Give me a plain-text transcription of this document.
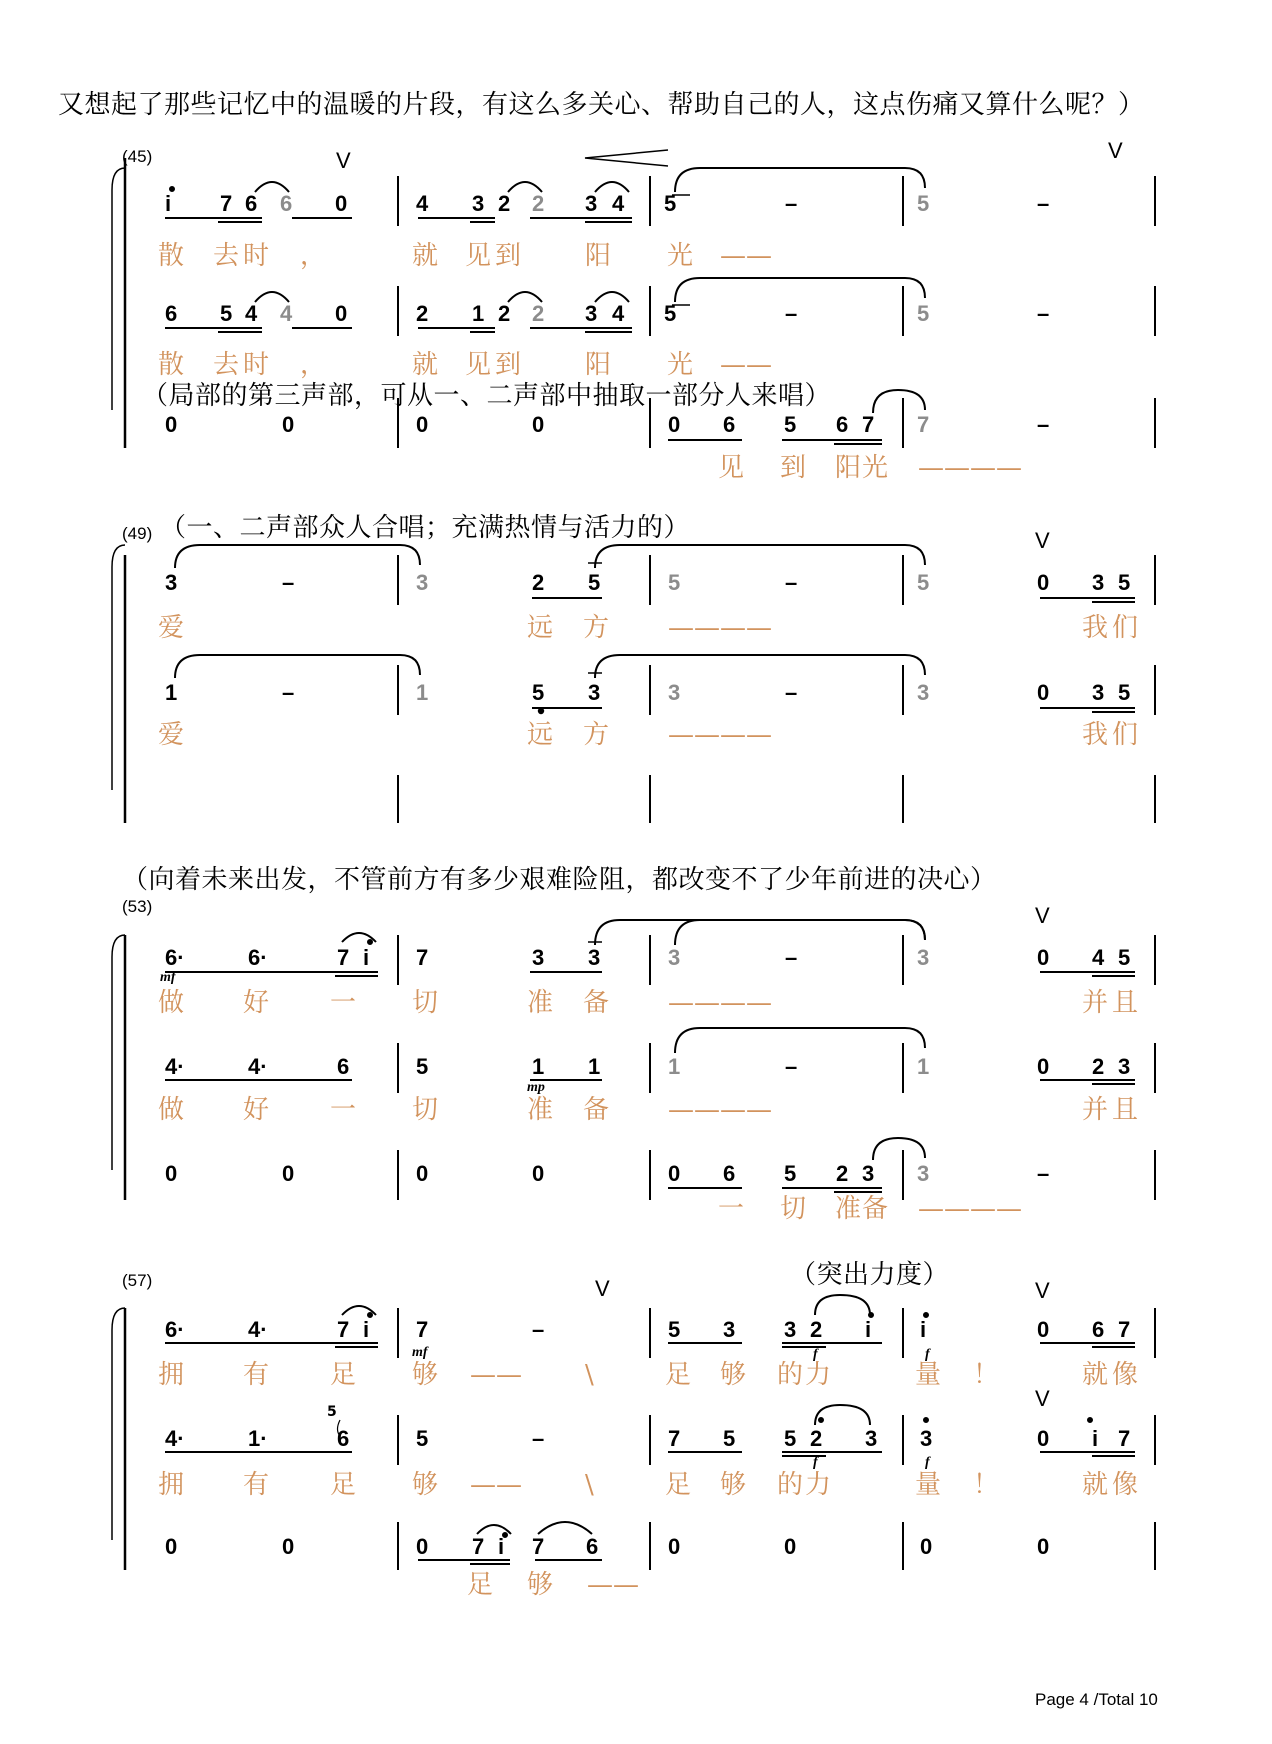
又想起了那些记忆中的温暖的片段，有这么多关心、帮助自己的人，这点伤痛又算什么呢？）
(45)	V	V
i 7 6 6 0	4 3 2 2 3 4 5	–	5	–
散 去 时 ，	就 见 到 阳 光 ——
6 5 4 4 0	2 1 2 2 3 4 5	–	5	–
散 去 时 ，	就 见 到 阳 光 ——
（局部的第三声部，可从一、二声部中抽取一部分人来唱）
0	0	0	0	0 6 5 6 7 7	–
见 到 阳 光 ————
(49) （一、二声部众人合唱；充满热情与活力的）	V
3	–	3	2 5	5	–	5	0 3 5
爱	远 方 ————	我 们
1	–	1	5 3	3	–	3	0 3 5
爱	远 方 ————	我 们
（向着未来出发，不管前方有多少艰难险阻，都改变不了少年前进的决心）
(53)	V
6·	6·	7 i 7	3 3	3	–	3	0 4 5
mf
做 好 一 切	准 备 ————	并 且
4·	4·	6	5	1 1	1	–	1	0 2 3
mp
做 好 一 切	准 备 ————	并 且
0	0	0	0	0 6 5 2 3 3	–
一 切 准 备 ————
(57)	（突出力度）
V	V
V
6·	4·	7 i 7	–	5 3 3 2 i i	0 6 7
mf	f	f
拥 有 足 够 —— \	足 够 的 力	量 ！	就 像
4·	1·
5
6	5	–	7 5 5 2 3 3	0 i 7
f	f
拥 有 足 够 —— \	足 够 的 力	量 ！	就 像
0	0	0 7 i 7 6	0	0	0	0
足 够 ——
Page 4 /Total 10
